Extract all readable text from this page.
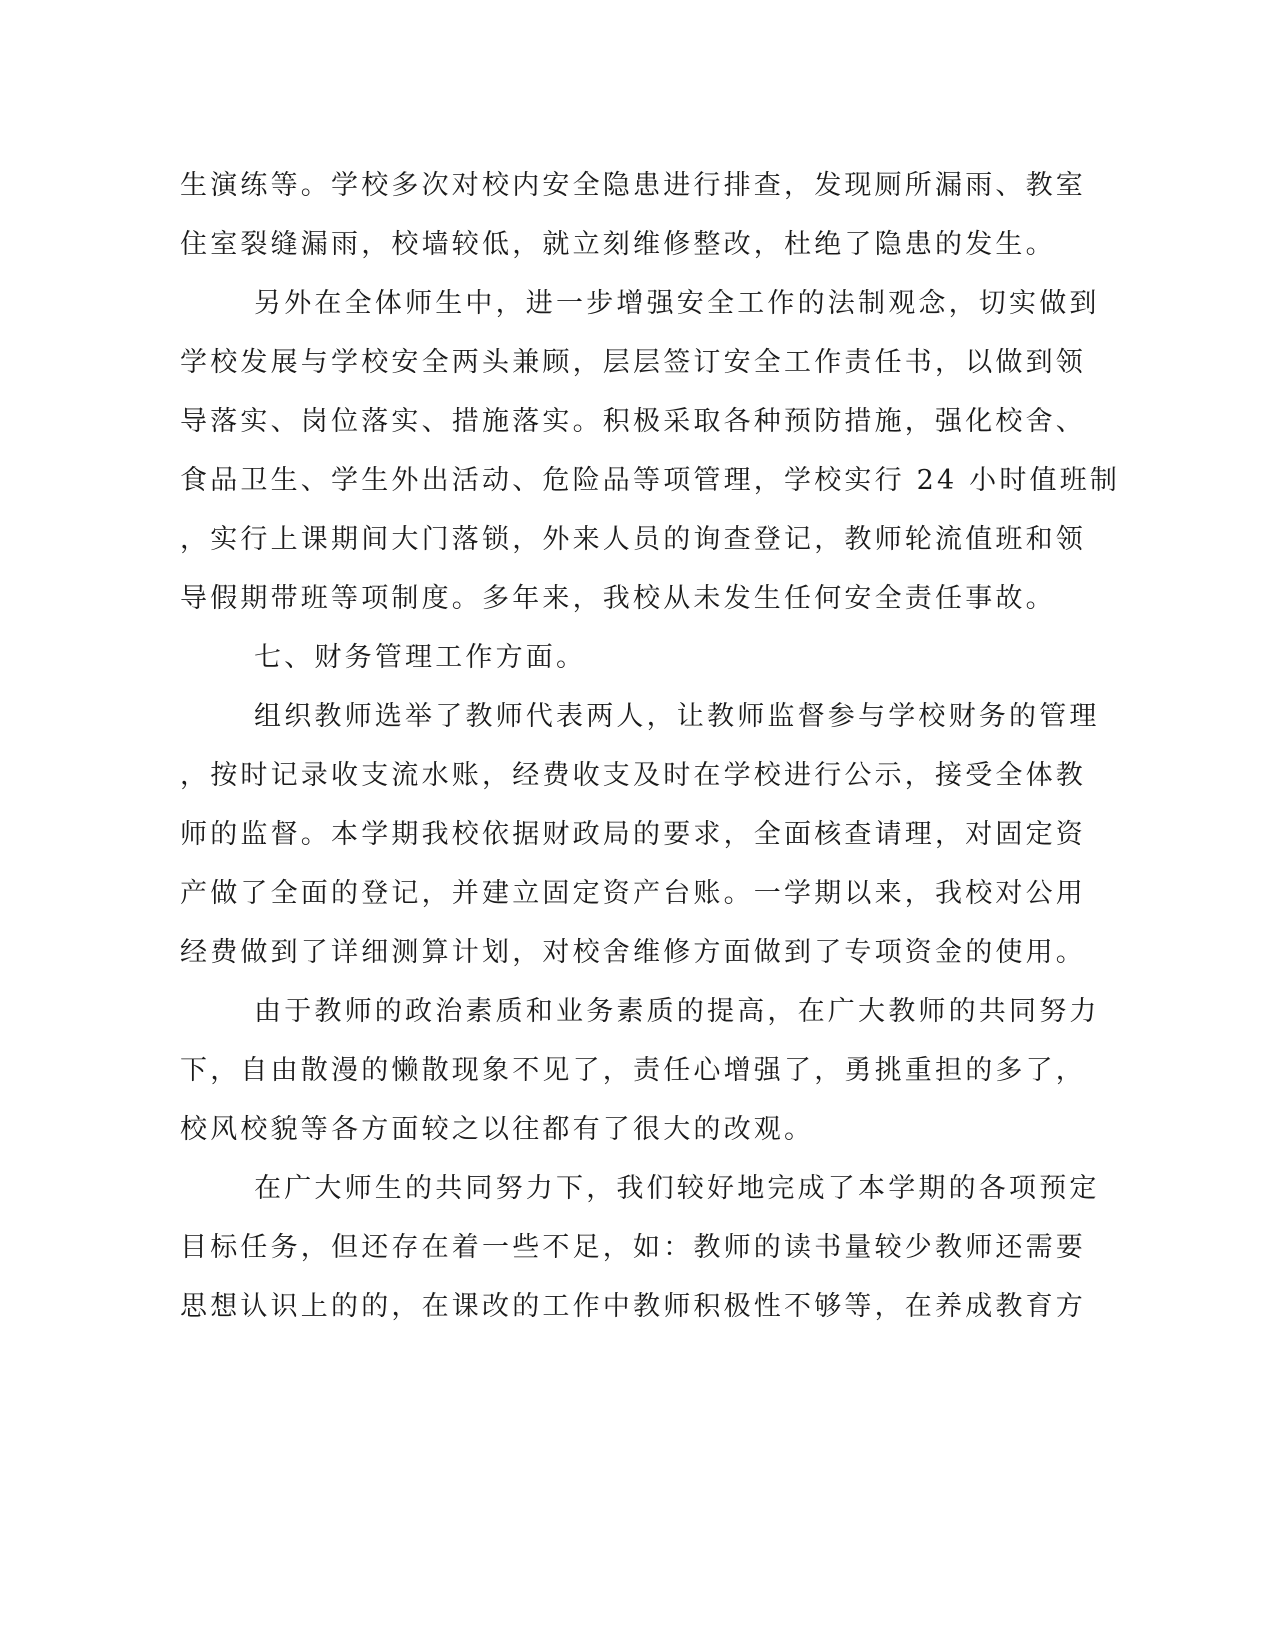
生演练等。学校多次对校内安全隐患进行排查，发现厕所漏雨、教室
住室裂缝漏雨，校墙较低，就立刻维修整改，杜绝了隐患的发生。
另外在全体师生中，进一步增强安全工作的法制观念，切实做到
学校发展与学校安全两头兼顾，层层签订安全工作责任书，以做到领
导落实、岗位落实、措施落实。积极采取各种预防措施，强化校舍、
食品卫生、学生外出活动、危险品等项管理，学校实行 24 小时值班制
，实行上课期间大门落锁，外来人员的询查登记，教师轮流值班和领
导假期带班等项制度。多年来，我校从未发生任何安全责任事故。
七、财务管理工作方面。
组织教师选举了教师代表两人，让教师监督参与学校财务的管理
，按时记录收支流水账，经费收支及时在学校进行公示，接受全体教
师的监督。本学期我校依据财政局的要求，全面核查请理，对固定资
产做了全面的登记，并建立固定资产台账。一学期以来，我校对公用
经费做到了详细测算计划，对校舍维修方面做到了专项资金的使用。
由于教师的政治素质和业务素质的提高，在广大教师的共同努力
下，自由散漫的懒散现象不见了，责任心增强了，勇挑重担的多了，
校风校貌等各方面较之以往都有了很大的改观。
在广大师生的共同努力下，我们较好地完成了本学期的各项预定
目标任务，但还存在着一些不足，如：教师的读书量较少教师还需要
思想认识上的的，在课改的工作中教师积极性不够等，在养成教育方
